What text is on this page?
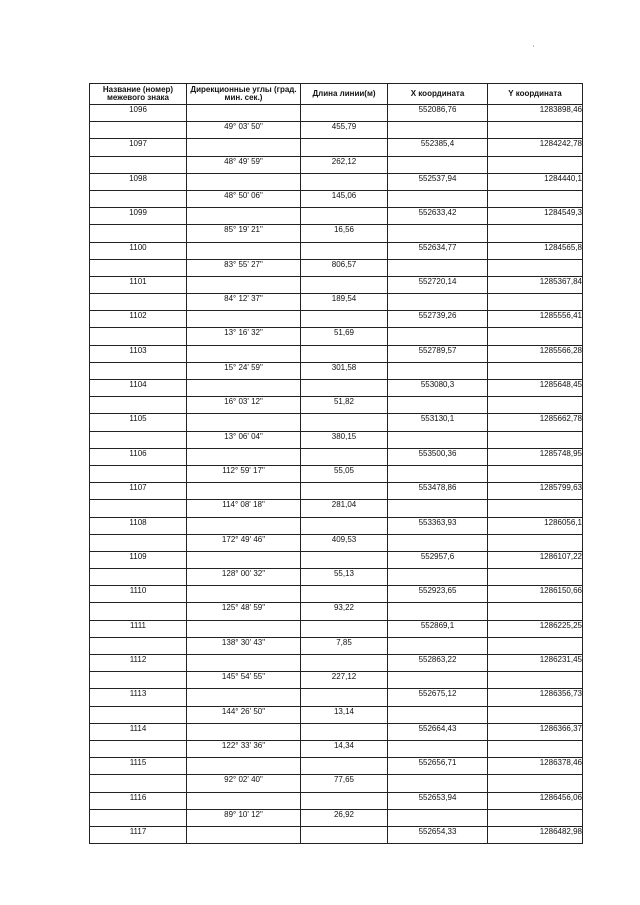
'
Название (номер) межевого знака	Дирекционные углы (град. мин. сек.)	Длина линии(м)	X координата	Y координата
1096			552086,76	1283898,46
	49° 03' 50"	455,79		
1097			552385,4	1284242,78
	48° 49' 59"	262,12		
1098			552537,94	1284440,1
	48° 50' 06"	145,06		
1099			552633,42	1284549,3
	85° 19' 21"	16,56		
1100			552634,77	1284565,8
	83° 55' 27"	806,57		
1101			552720,14	1285367,84
	84° 12' 37"	189,54		
1102			552739,26	1285556,41
	13° 16' 32"	51,69		
1103			552789,57	1285566,28
	15° 24' 59"	301,58		
1104			553080,3	1285648,45
	16° 03' 12"	51,82		
1105			553130,1	1285662,78
	13° 06' 04"	380,15		
1106			553500,36	1285748,95
	112° 59' 17"	55,05		
1107			553478,86	1285799,63
	114° 08' 18"	281,04		
1108			553363,93	1286056,1
	172° 49' 46"	409,53		
1109			552957,6	1286107,22
	128° 00' 32"	55,13		
1110			552923,65	1286150,66
	125° 48' 59"	93,22		
1111			552869,1	1286225,25
	138° 30' 43"	7,85		
1112			552863,22	1286231,45
	145° 54' 55"	227,12		
1113			552675,12	1286356,73
	144° 26' 50"	13,14		
1114			552664,43	1286366,37
	122° 33' 36"	14,34		
1115			552656,71	1286378,46
	92° 02' 40"	77,65		
1116			552653,94	1286456,06
	89° 10' 12"	26,92		
1117			552654,33	1286482,98
